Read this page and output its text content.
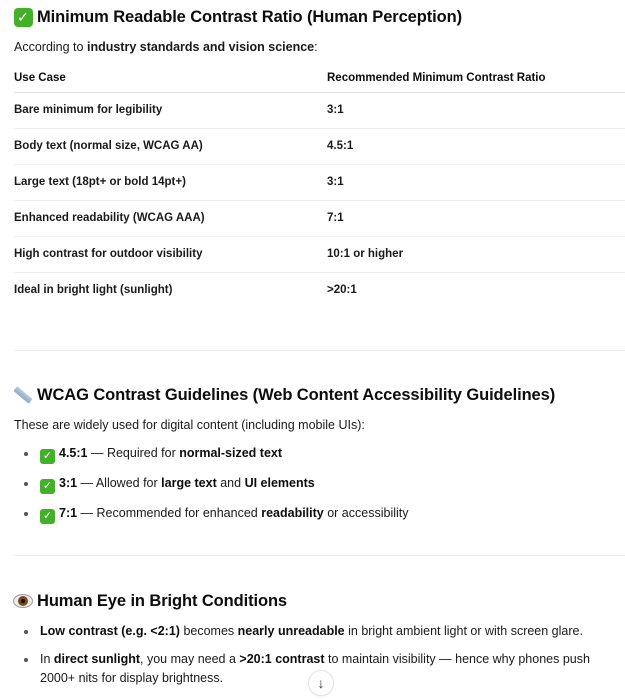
✓ Minimum Readable Contrast Ratio (Human Perception)

According to industry standards and vision science:

Use Case	Recommended Minimum Contrast Ratio
Bare minimum for legibility	3:1
Body text (normal size, WCAG AA)	4.5:1
Large text (18pt+ or bold 14pt+)	3:1
Enhanced readability (WCAG AAA)	7:1
High contrast for outdoor visibility	10:1 or higher
Ideal in bright light (sunlight)	>20:1
WCAG Contrast Guidelines (Web Content Accessibility Guidelines)

These are widely used for digital content (including mobile UIs):

✓ 4.5:1 — Required for normal-sized text
✓ 3:1 — Allowed for large text and UI elements
✓ 7:1 — Recommended for enhanced readability or accessibility
Human Eye in Bright Conditions
Low contrast (e.g. <2:1) becomes nearly unreadable in bright ambient light or with screen glare.
In direct sunlight, you may need a >20:1 contrast to maintain visibility — hence why phones push 2000+ nits for display brightness.	↓
